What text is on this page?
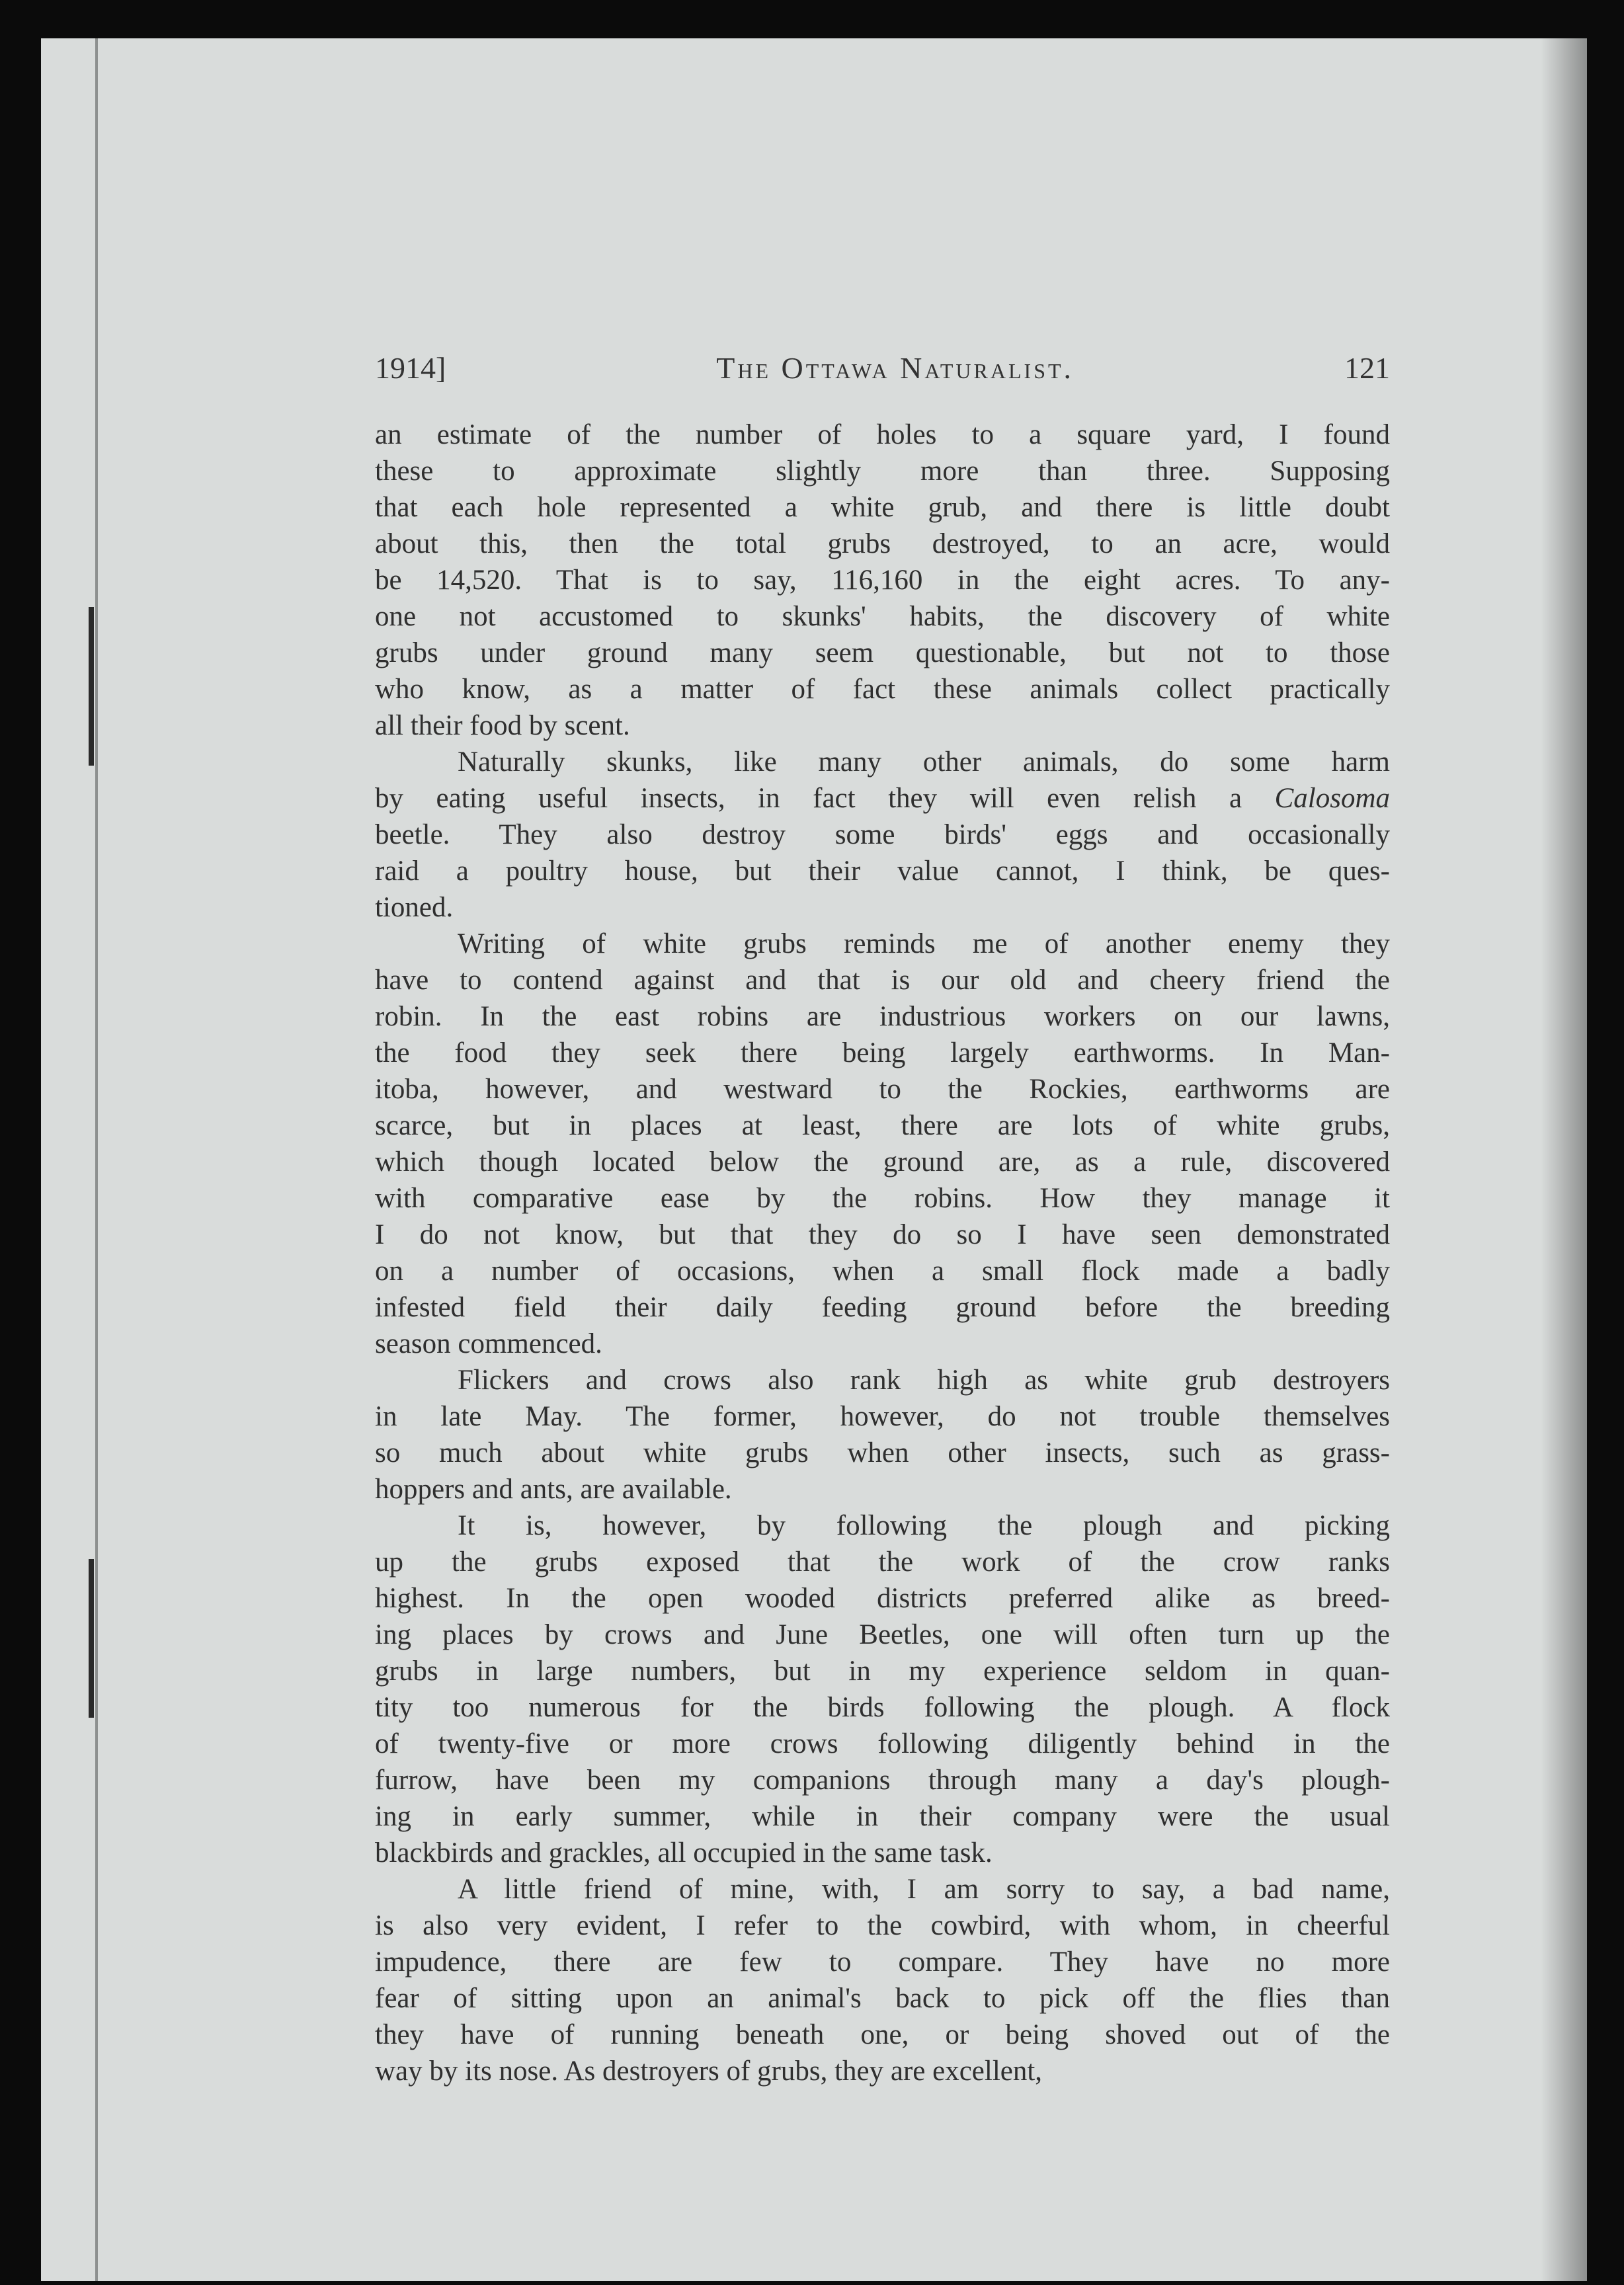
1914]	The Ottawa Naturalist.	121
an estimate of the number of holes to a square yard, I found
these to approximate slightly more than three. Supposing
that each hole represented a white grub, and there is little doubt
about this, then the total grubs destroyed, to an acre, would
be 14,520. That is to say, 116,160 in the eight acres. To any-
one not accustomed to skunks' habits, the discovery of white
grubs under ground many seem questionable, but not to those
who know, as a matter of fact these animals collect practically
all their food by scent.
Naturally skunks, like many other animals, do some harm
by eating useful insects, in fact they will even relish a Calosoma
beetle. They also destroy some birds' eggs and occasionally
raid a poultry house, but their value cannot, I think, be ques-
tioned.
Writing of white grubs reminds me of another enemy they
have to contend against and that is our old and cheery friend the
robin. In the east robins are industrious workers on our lawns,
the food they seek there being largely earthworms. In Man-
itoba, however, and westward to the Rockies, earthworms are
scarce, but in places at least, there are lots of white grubs,
which though located below the ground are, as a rule, discovered
with comparative ease by the robins. How they manage it
I do not know, but that they do so I have seen demonstrated
on a number of occasions, when a small flock made a badly
infested field their daily feeding ground before the breeding
season commenced.
Flickers and crows also rank high as white grub destroyers
in late May. The former, however, do not trouble themselves
so much about white grubs when other insects, such as grass-
hoppers and ants, are available.
It is, however, by following the plough and picking
up the grubs exposed that the work of the crow ranks
highest. In the open wooded districts preferred alike as breed-
ing places by crows and June Beetles, one will often turn up the
grubs in large numbers, but in my experience seldom in quan-
tity too numerous for the birds following the plough. A flock
of twenty-five or more crows following diligently behind in the
furrow, have been my companions through many a day's plough-
ing in early summer, while in their company were the usual
blackbirds and grackles, all occupied in the same task.
A little friend of mine, with, I am sorry to say, a bad name,
is also very evident, I refer to the cowbird, with whom, in cheerful
impudence, there are few to compare. They have no more
fear of sitting upon an animal's back to pick off the flies than
they have of running beneath one, or being shoved out of the
way by its nose. As destroyers of grubs, they are excellent,
